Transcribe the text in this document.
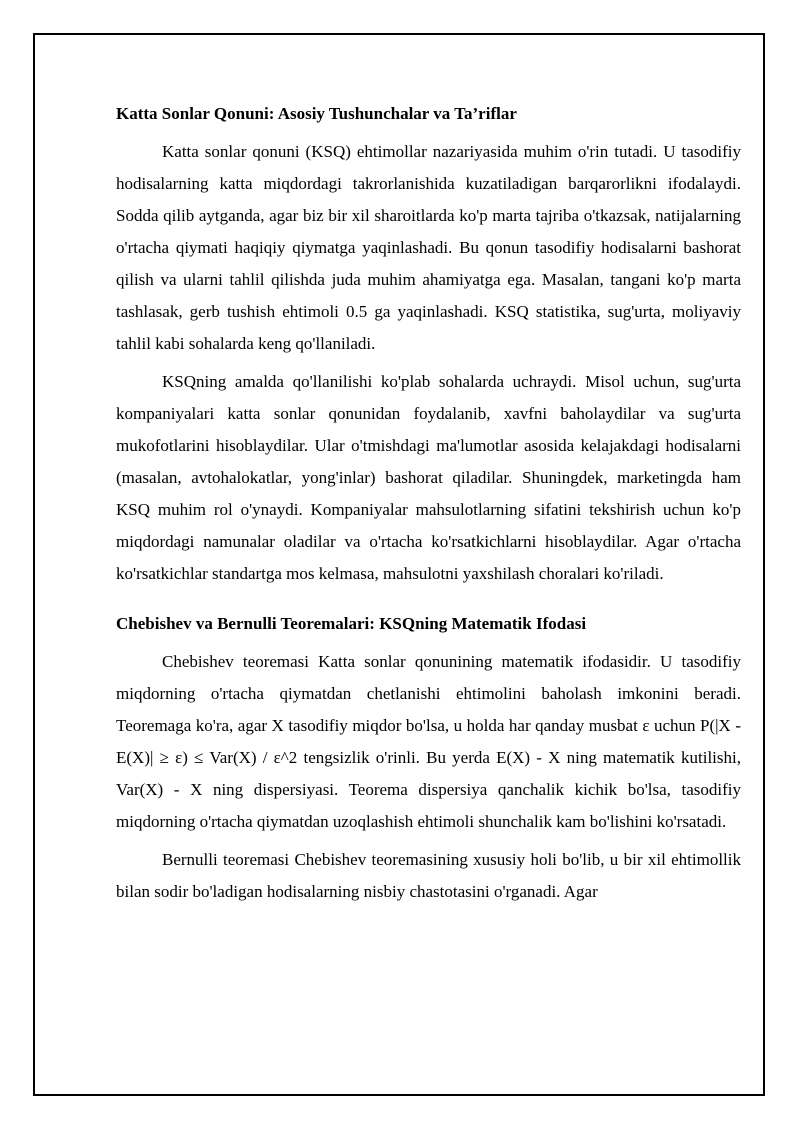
Katta Sonlar Qonuni: Asosiy Tushunchalar va Ta’riflar

Katta sonlar qonuni (KSQ) ehtimollar nazariyasida muhim o'rin tutadi. U tasodifiy hodisalarning katta miqdordagi takrorlanishida kuzatiladigan barqarorlikni ifodalaydi. Sodda qilib aytganda, agar biz bir xil sharoitlarda ko'p marta tajriba o'tkazsak, natijalarning o'rtacha qiymati haqiqiy qiymatga yaqinlashadi. Bu qonun tasodifiy hodisalarni bashorat qilish va ularni tahlil qilishda juda muhim ahamiyatga ega. Masalan, tangani ko'p marta tashlasak, gerb tushish ehtimoli 0.5 ga yaqinlashadi. KSQ statistika, sug'urta, moliyaviy tahlil kabi sohalarda keng qo'llaniladi.

KSQning amalda qo'llanilishi ko'plab sohalarda uchraydi. Misol uchun, sug'urta kompaniyalari katta sonlar qonunidan foydalanib, xavfni baholaydilar va sug'urta mukofotlarini hisoblaydilar. Ular o'tmishdagi ma'lumotlar asosida kelajakdagi hodisalarni (masalan, avtohalokatlar, yong'inlar) bashorat qiladilar. Shuningdek, marketingda ham KSQ muhim rol o'ynaydi. Kompaniyalar mahsulotlarning sifatini tekshirish uchun ko'p miqdordagi namunalar oladilar va o'rtacha ko'rsatkichlarni hisoblaydilar. Agar o'rtacha ko'rsatkichlar standartga mos kelmasa, mahsulotni yaxshilash choralari ko'riladi.

Chebishev va Bernulli Teoremalari: KSQning Matematik Ifodasi

Chebishev teoremasi Katta sonlar qonunining matematik ifodasidir. U tasodifiy miqdorning o'rtacha qiymatdan chetlanishi ehtimolini baholash imkonini beradi. Teoremaga ko'ra, agar X tasodifiy miqdor bo'lsa, u holda har qanday musbat ε uchun P(|X - E(X)| ≥ ε) ≤ Var(X) / ε^2 tengsizlik o'rinli. Bu yerda E(X) - X ning matematik kutilishi, Var(X) - X ning dispersiyasi. Teorema dispersiya qanchalik kichik bo'lsa, tasodifiy miqdorning o'rtacha qiymatdan uzoqlashish ehtimoli shunchalik kam bo'lishini ko'rsatadi.

Bernulli teoremasi Chebishev teoremasining xususiy holi bo'lib, u bir xil ehtimollik bilan sodir bo'ladigan hodisalarning nisbiy chastotasini o'rganadi. Agar
